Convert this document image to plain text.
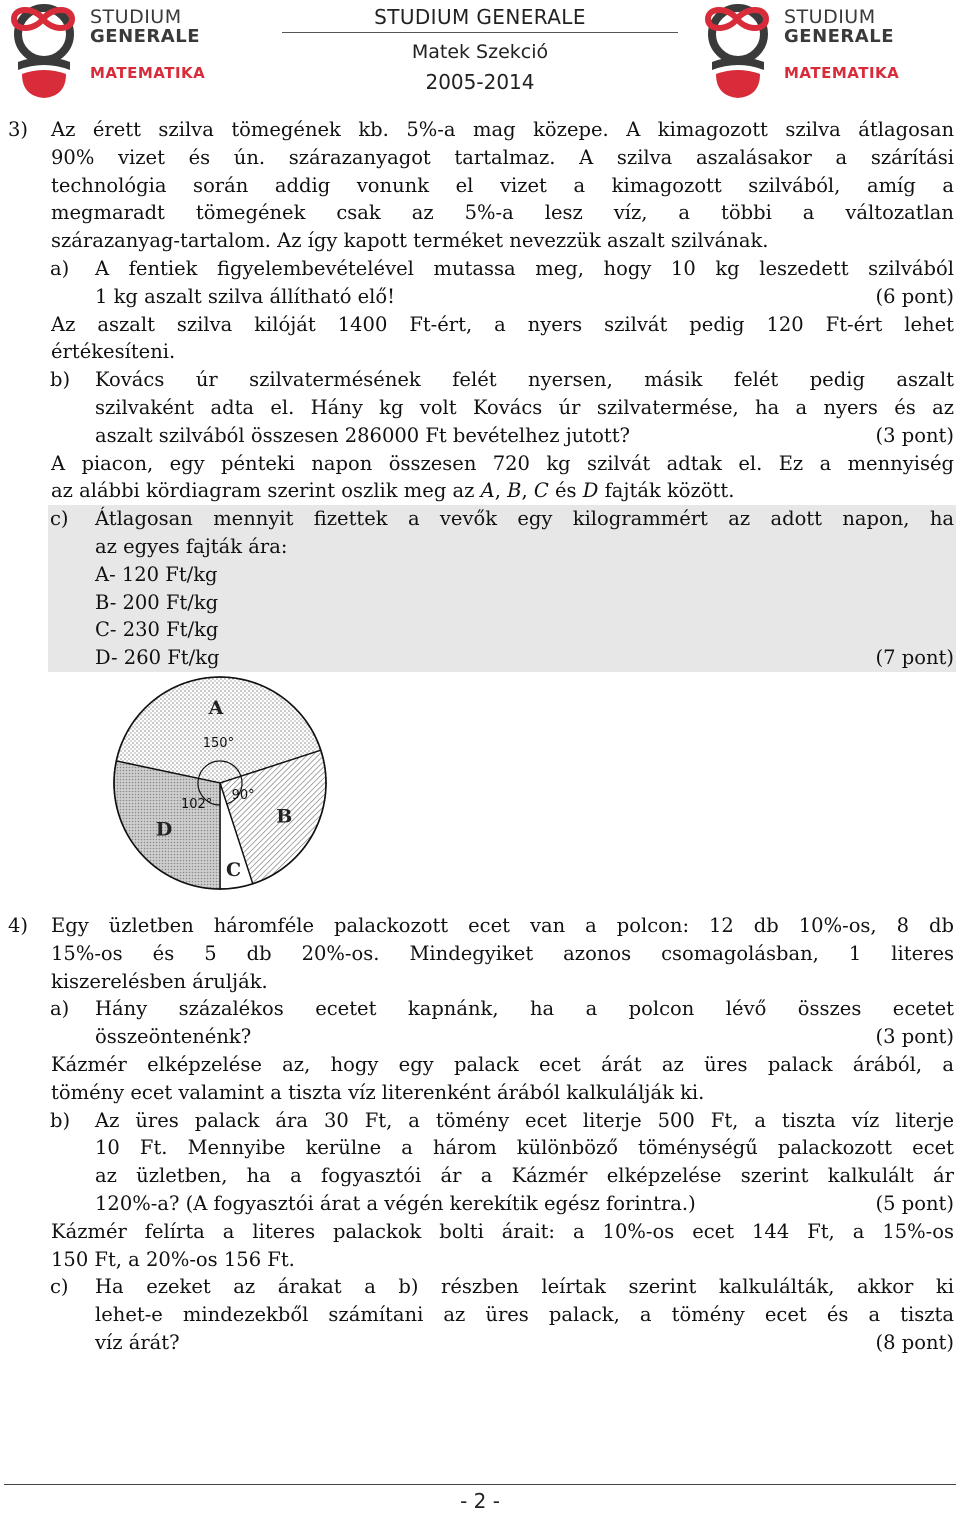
STUDIUM
GENERALE
MATEMATIKA
STUDIUM GENERALE
Matek Szekció
2005-2014
STUDIUM
GENERALE
MATEMATIKA
3) Az érett szilva tömegének kb. 5%-a mag közepe. A kimagozott szilva átlagosan
90% vizet és ún. szárazanyagot tartalmaz. A szilva aszalásakor a szárítási
technológia során addig vonunk el vizet a kimagozott szilvából, amíg a
megmaradt tömegének csak az 5%-a lesz víz, a többi a változatlan
szárazanyag-tartalom. Az így kapott terméket nevezzük aszalt szilvának.
a) A fentiek figyelembevételével mutassa meg, hogy 10 kg leszedett szilvából
1 kg aszalt szilva állítható elő!	(6 pont)
Az aszalt szilva kilóját 1400 Ft-ért, a nyers szilvát pedig 120 Ft-ért lehet
értékesíteni.
b) Kovács úr szilvatermésének felét nyersen, másik felét pedig aszalt
szilvaként adta el. Hány kg volt Kovács úr szilvatermése, ha a nyers és az
aszalt szilvából összesen 286000 Ft bevételhez jutott?	(3 pont)
A piacon, egy pénteki napon összesen 720 kg szilvát adtak el. Ez a mennyiség
az alábbi kördiagram szerint oszlik meg az A, B, C és D fajták között.
c) Átlagosan mennyit fizettek a vevők egy kilogrammért az adott napon, ha
az egyes fajták ára:
A- 120 Ft/kg
B- 200 Ft/kg
C- 230 Ft/kg
D- 260 Ft/kg	(7 pont)
4) Egy üzletben háromféle palackozott ecet van a polcon: 12 db 10%-os, 8 db
15%-os és 5 db 20%-os. Mindegyiket azonos csomagolásban, 1 literes
kiszerelésben árulják.
a) Hány százalékos ecetet kapnánk, ha a polcon lévő összes ecetet
összeöntenénk?	(3 pont)
Kázmér elképzelése az, hogy egy palack ecet árát az üres palack árából, a
tömény ecet valamint a tiszta víz literenként árából kalkulálják ki.
b) Az üres palack ára 30 Ft, a tömény ecet literje 500 Ft, a tiszta víz literje
10 Ft. Mennyibe kerülne a három különböző töménységű palackozott ecet
az üzletben, ha a fogyasztói ár a Kázmér elképzelése szerint kalkulált ár
120%-a? (A fogyasztói árat a végén kerekítik egész forintra.)	(5 pont)
Kázmér felírta a literes palackok bolti árait: a 10%-os ecet 144 Ft, a 15%-os
150 Ft, a 20%-os 156 Ft.
c) Ha ezeket az árakat a b) részben leírtak szerint kalkulálták, akkor ki
lehet-e mindezekből számítani az üres palack, a tömény ecet és a tiszta
víz árát?	(8 pont)
A
B
C
D
150°
90°
102°
- 2 -
